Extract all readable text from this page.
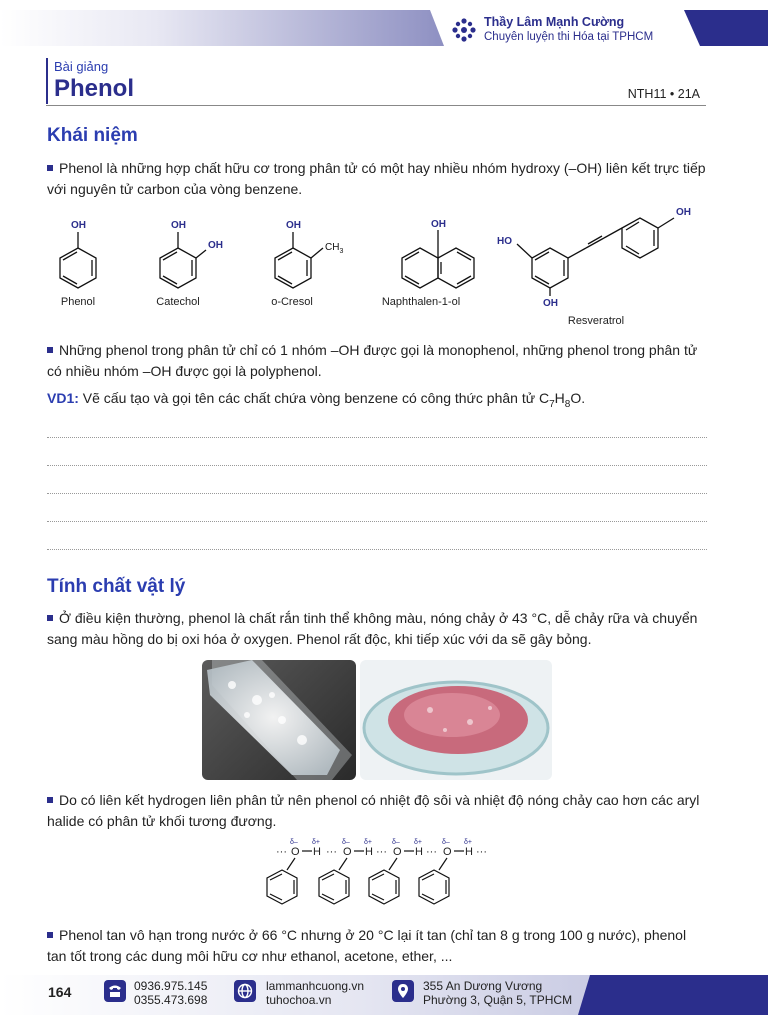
Thầy Lâm Mạnh Cường
Chuyên luyện thi Hóa tại TPHCM
Bài giảng
Phenol	NTH11 • 21A
Khái niệm
Phenol là những hợp chất hữu cơ trong phân tử có một hay nhiều nhóm hydroxy (–OH) liên kết trực tiếp với nguyên tử carbon của vòng benzene.
OH	OH
OH
OH	OH
HO
OH
OH
$CH_3$
Phenol	Catechol	o-Cresol	Naphthalen-1-ol
Resveratrol
Những phenol trong phân tử chỉ có 1 nhóm –OH được gọi là monophenol, những phenol trong phân tử có nhiều nhóm –OH được gọi là polyphenol.
VD1: Vẽ cấu tạo và gọi tên các chất chứa vòng benzene có công thức phân tử $C_7H_8O$.
Tính chất vật lý
Ở điều kiện thường, phenol là chất rắn tinh thể không màu, nóng chảy ở 43 °C, dễ chảy rữa và chuyển sang màu hồng do bị oxi hóa ở oxygen. Phenol rất độc, khi tiếp xúc với da sẽ gây bỏng.
Do có liên kết hydrogen liên phân tử nên phenol có nhiệt độ sôi và nhiệt độ nóng chảy cao hơn các aryl halide có phân tử khối tương đương.
δ– δ+	δ– δ+	δ– δ+	δ– δ+
··· O H ··· O H ··· O H ··· O H ···
Phenol tan vô hạn trong nước ở 66 °C nhưng ở 20 °C lại ít tan (chỉ tan 8 g trong 100 g nước), phenol tan tốt trong các dung môi hữu cơ như ethanol, acetone, ether, ...
164	0936.975.145
0355.473.698
lammanhcuong.vn
tuhochoa.vn
355 An Dương Vương
Phường 3, Quận 5, TPHCM
